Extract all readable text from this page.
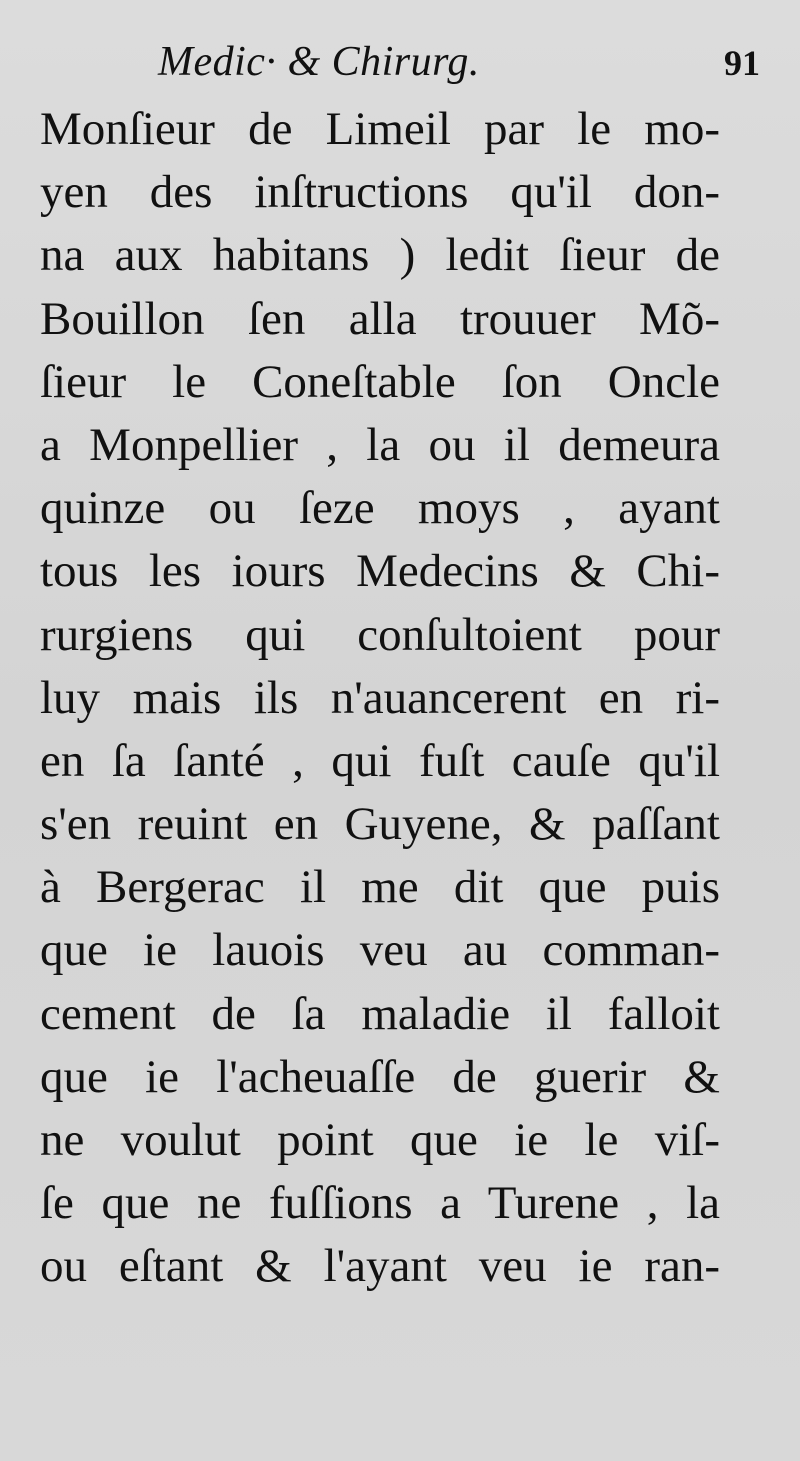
Medic· & Chirurg.	91
Monſieur de Limeil par le mo-
yen des inſtructions qu'il don-
na aux habitans ) ledit ſieur de
Bouillon ſen alla trouuer Mõ-
ſieur le Coneſtable ſon Oncle
a Monpellier , la ou il demeura
quinze ou ſeze moys , ayant
tous les iours Medecins & Chi-
rurgiens qui conſultoient pour
luy mais ils n'auancerent en ri-
en ſa ſanté , qui fuſt cauſe qu'il
s'en reuint en Guyene, & paſſant
à Bergerac il me dit que puis
que ie lauois veu au comman-
cement de ſa maladie il falloit
que ie l'acheuaſſe de guerir &
ne voulut point que ie le viſ-
ſe que ne fuſſions a Turene , la
ou eſtant & l'ayant veu ie ran-
